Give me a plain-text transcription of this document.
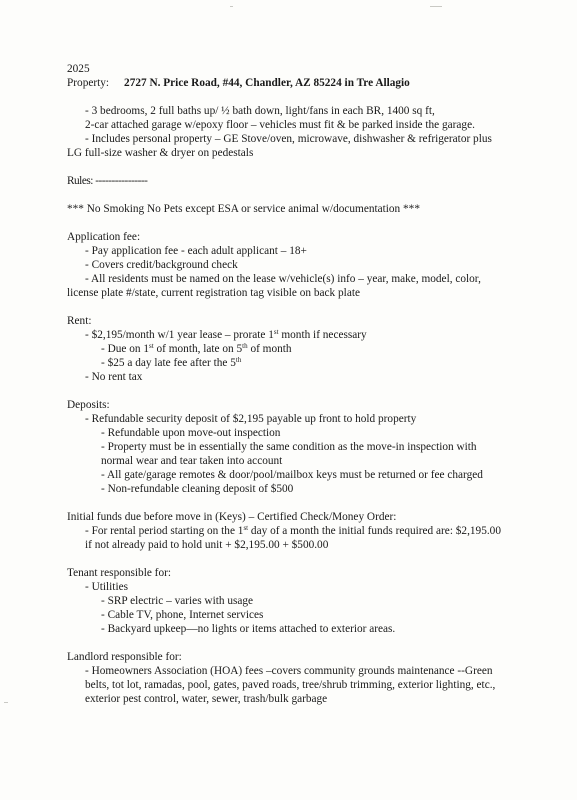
2025
Property: 2727 N. Price Road, #44, Chandler, AZ 85224 in Tre Allagio
- 3 bedrooms, 2 full baths up/ ½ bath down, light/fans in each BR, 1400 sq ft,
2-car attached garage w/epoxy floor – vehicles must fit & be parked inside the garage.
- Includes personal property – GE Stove/oven, microwave, dishwasher & refrigerator plus
LG full-size washer & dryer on pedestals
Rules: ----------------
*** No Smoking No Pets except ESA or service animal w/documentation ***
Application fee:
- Pay application fee - each adult applicant – 18+
- Covers credit/background check
- All residents must be named on the lease w/vehicle(s) info – year, make, model, color,
license plate #/state, current registration tag visible on back plate
Rent:
- $2,195/month w/1 year lease – prorate 1st month if necessary
- Due on 1st of month, late on 5th of month
- $25 a day late fee after the 5th
- No rent tax
Deposits:
- Refundable security deposit of $2,195 payable up front to hold property
- Refundable upon move-out inspection
- Property must be in essentially the same condition as the move-in inspection with
normal wear and tear taken into account
- All gate/garage remotes & door/pool/mailbox keys must be returned or fee charged
- Non-refundable cleaning deposit of $500
Initial funds due before move in (Keys) – Certified Check/Money Order:
- For rental period starting on the 1st day of a month the initial funds required are: $2,195.00
if not already paid to hold unit + $2,195.00 + $500.00
Tenant responsible for:
- Utilities
- SRP electric – varies with usage
- Cable TV, phone, Internet services
- Backyard upkeep—no lights or items attached to exterior areas.
Landlord responsible for:
- Homeowners Association (HOA) fees –covers community grounds maintenance --Green
belts, tot lot, ramadas, pool, gates, paved roads, tree/shrub trimming, exterior lighting, etc.,
exterior pest control, water, sewer, trash/bulk garbage
